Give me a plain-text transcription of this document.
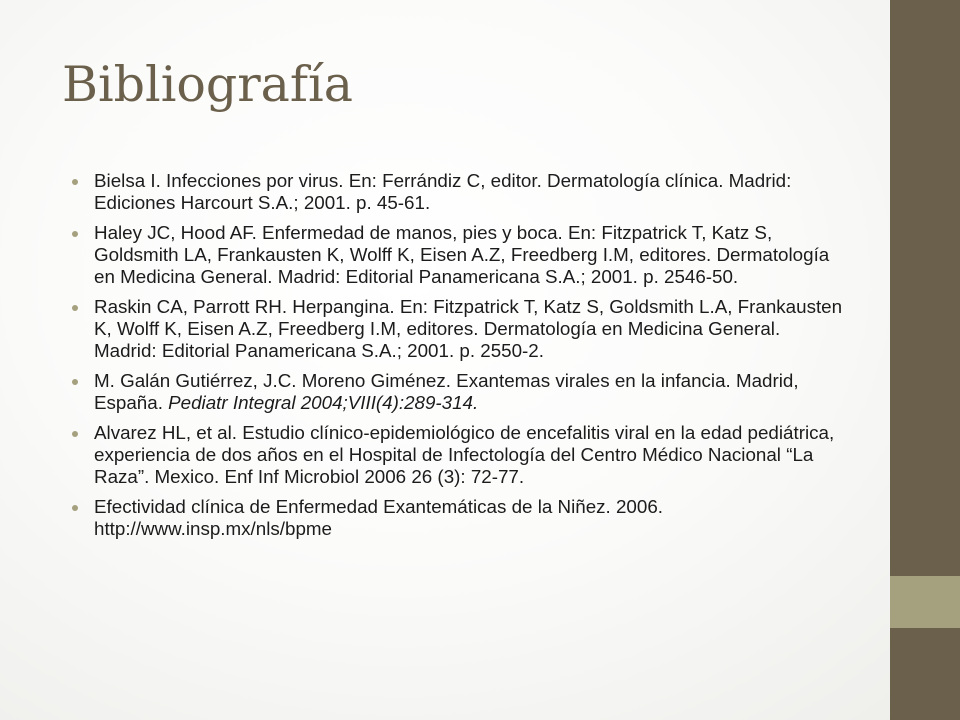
Bibliografía
Bielsa I. Infecciones por virus. En: Ferrándiz C, editor. Dermatología clínica. Madrid: Ediciones Harcourt S.A.; 2001. p. 45-61.
Haley JC, Hood AF. Enfermedad de manos, pies y boca. En: Fitzpatrick T, Katz S, Goldsmith LA, Frankausten K, Wolff K, Eisen A.Z, Freedberg I.M, editores. Dermatología en Medicina General. Madrid: Editorial Panamericana S.A.; 2001. p. 2546-50.
Raskin CA, Parrott RH. Herpangina. En: Fitzpatrick T, Katz S, Goldsmith L.A, Frankausten K, Wolff K, Eisen A.Z, Freedberg I.M, editores. Dermatología en Medicina General. Madrid: Editorial Panamericana S.A.; 2001. p. 2550-2.
M. Galán Gutiérrez, J.C. Moreno Giménez. Exantemas virales en la infancia. Madrid, España. Pediatr Integral 2004;VIII(4):289-314.
Alvarez HL, et al. Estudio clínico-epidemiológico de encefalitis viral en la edad pediátrica, experiencia de dos años en el Hospital de Infectología del Centro Médico Nacional “La Raza”. Mexico. Enf Inf Microbiol 2006 26 (3): 72-77.
Efectividad clínica de Enfermedad Exantemáticas de la Niñez. 2006. http://www.insp.mx/nls/bpme
